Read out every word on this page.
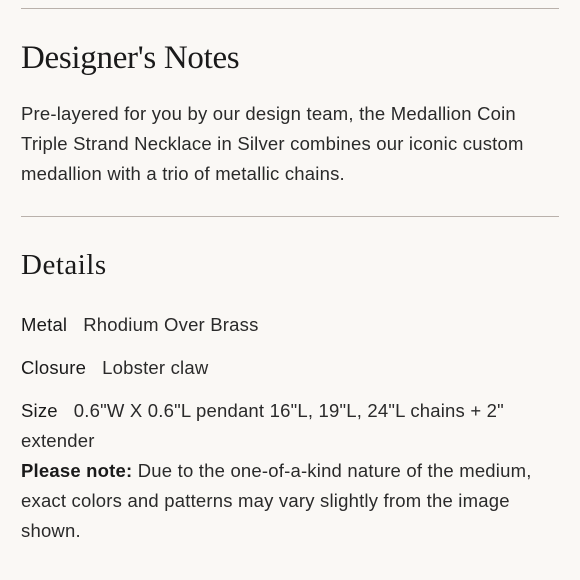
Designer's Notes

Pre-layered for you by our design team, the Medallion Coin Triple Strand Necklace in Silver combines our iconic custom medallion with a trio of metallic chains.

Details
Metal Rhodium Over Brass
Closure Lobster claw
Size 0.6"W X 0.6"L pendant 16"L, 19"L, 24"L chains + 2" extender
Please note: Due to the one-of-a-kind nature of the medium, exact colors and patterns may vary slightly from the image shown.
